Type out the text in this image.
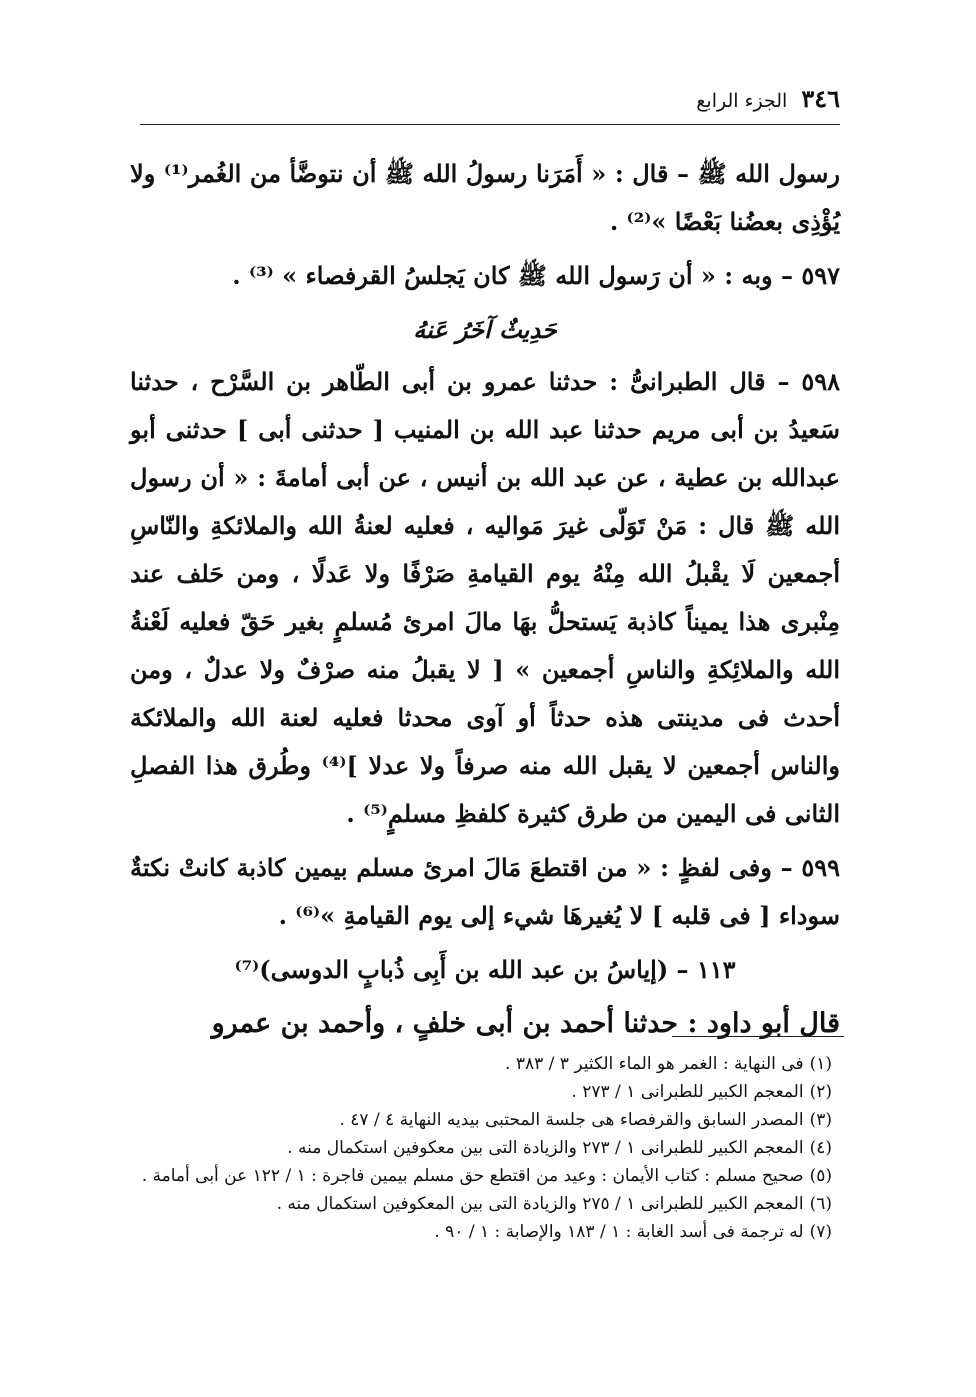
٣٤٦
الجزء الرابع

رسول الله ﷺ – قال : « أَمَرَنا رسولُ الله ﷺ أن نتوضَّأ من الغُمر⁽¹⁾ ولا يُؤْذِى بعضُنا بَعْضًا »⁽²⁾ .

٥٩٧ – وبه : « أن رَسول الله ﷺ كان يَجلسُ القرفصاء » ⁽³⁾ .

حَدِيثٌ آخَرُ عَنهُ

٥٩٨ – قال الطبرانىُّ : حدثنا عمرو بن أبى الطّاهر بن السَّرْح ، حدثنا سَعيدُ بن أبى مريم حدثنا عبد الله بن المنيب [ حدثنى أبى ] حدثنى أبو عبدالله بن عطية ، عن عبد الله بن أنيس ، عن أبى أمامةَ : « أن رسول الله ﷺ قال : مَنْ تَوَلّى غيرَ مَواليه ، فعليه لعنةُ الله والملائكةِ والنّاسِ أجمعين لَا يقْبلُ الله مِنْهُ يوم القيامةِ صَرْفًا ولا عَدلًا ، ومن حَلف عند مِنْبرى هذا يميناً كاذبة يَستحلُّ بهَا مالَ امرئ مُسلمٍ بغير حَقّ فعليه لَعْنةُ الله والملائِكةِ والناسِ أجمعين » [ لا يقبلُ منه صرْفٌ ولا عدلٌ ، ومن أحدث فى مدينتى هذه حدثاً أو آوى محدثا فعليه لعنة الله والملائكة والناس أجمعين لا يقبل الله منه صرفاً ولا عدلا ]⁽⁴⁾ وطُرق هذا الفصلِ الثانى فى اليمين من طرق كثيرة كلفظِ مسلمٍ⁽⁵⁾ .

٥٩٩ – وفى لفظٍ : « من اقتطعَ مَالَ امرئ مسلم بيمين كاذبة كانتْ نكتةٌ سوداء [ فى قلبه ] لا يُغيرهَا شيء إلى يوم القيامةِ »⁽⁶⁾ .

١١٣ – (إياسُ بن عبد الله بن أَبِى ذُبابٍ الدوسى)⁽⁷⁾

قال أبو داود : حدثنا أحمد بن أبى خلفٍ ، وأحمد بن عمرو

(١)فى النهاية : الغمر هو الماء الكثير ٣ / ٣٨٣ .

(٢)المعجم الكبير للطبرانى ١ / ٢٧٣ .

(٣)المصدر السابق والقرفصاء هى جلسة المحتبى بيديه النهاية ٤ / ٤٧ .

(٤)المعجم الكبير للطبرانى ١ / ٢٧٣ والزيادة التى بين معكوفين استكمال منه .

(٥)صحيح مسلم : كتاب الأيمان : وعيد من اقتطع حق مسلم بيمين فاجرة : ١ / ١٢٢ عن أبى أمامة .

(٦)المعجم الكبير للطبرانى ١ / ٢٧٥ والزيادة التى بين المعكوفين استكمال منه .

(٧)له ترجمة فى أسد الغابة : ١ / ١٨٣ والإصابة : ١ / ٩٠ .
